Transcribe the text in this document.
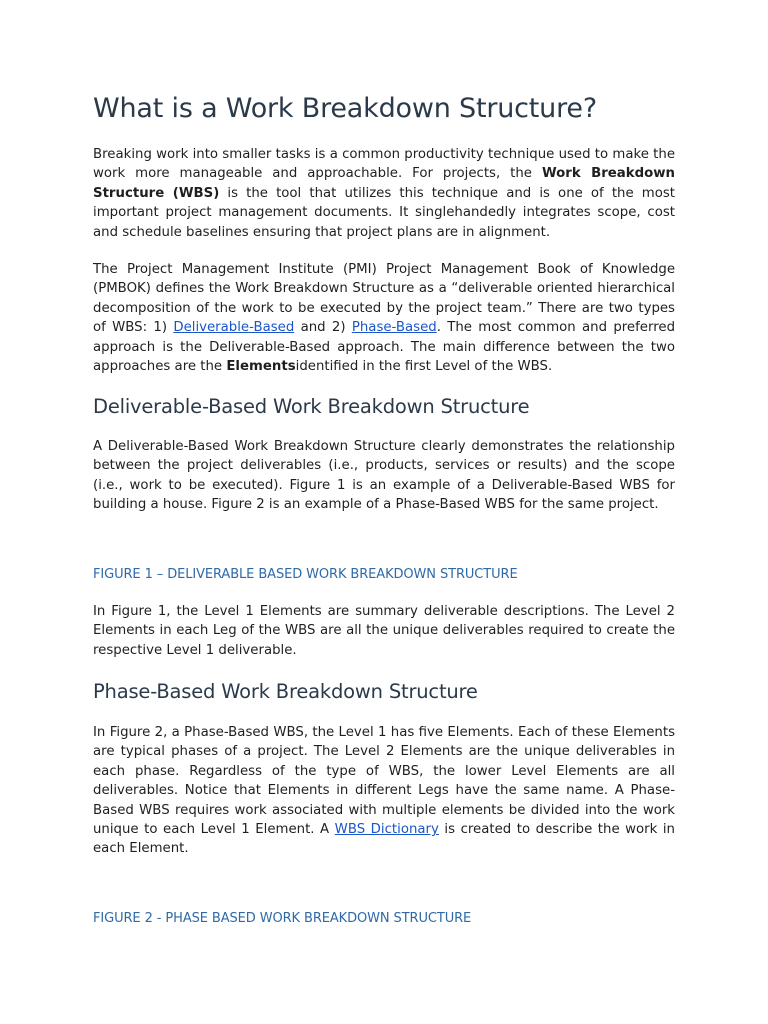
What is a Work Breakdown Structure?

Breaking work into smaller tasks is a common productivity technique used to make the work more manageable and approachable. For projects, the Work Breakdown Structure (WBS) is the tool that utilizes this technique and is one of the most important project management documents. It singlehandedly integrates scope, cost and schedule baselines ensuring that project plans are in alignment.

The Project Management Institute (PMI) Project Management Book of Knowledge (PMBOK) defines the Work Breakdown Structure as a “deliverable oriented hierarchical decomposition of the work to be executed by the project team.” There are two types of WBS: 1) Deliverable-Based and 2) Phase-Based. The most common and preferred approach is the Deliverable-Based approach. The main difference between the two approaches are the Elementsidentified in the first Level of the WBS.

Deliverable-Based Work Breakdown Structure

A Deliverable-Based Work Breakdown Structure clearly demonstrates the relationship between the project deliverables (i.e., products, services or results) and the scope (i.e., work to be executed). Figure 1 is an example of a Deliverable-Based WBS for building a house. Figure 2 is an example of a Phase-Based WBS for the same project.

FIGURE 1 – DELIVERABLE BASED WORK BREAKDOWN STRUCTURE

In Figure 1, the Level 1 Elements are summary deliverable descriptions. The Level 2 Elements in each Leg of the WBS are all the unique deliverables required to create the respective Level 1 deliverable.

Phase-Based Work Breakdown Structure

In Figure 2, a Phase-Based WBS, the Level 1 has five Elements. Each of these Elements are typical phases of a project. The Level 2 Elements are the unique deliverables in each phase. Regardless of the type of WBS, the lower Level Elements are all deliverables. Notice that Elements in different Legs have the same name. A Phase-Based WBS requires work associated with multiple elements be divided into the work unique to each Level 1 Element. A WBS Dictionary is created to describe the work in each Element.

FIGURE 2 - PHASE BASED WORK BREAKDOWN STRUCTURE
